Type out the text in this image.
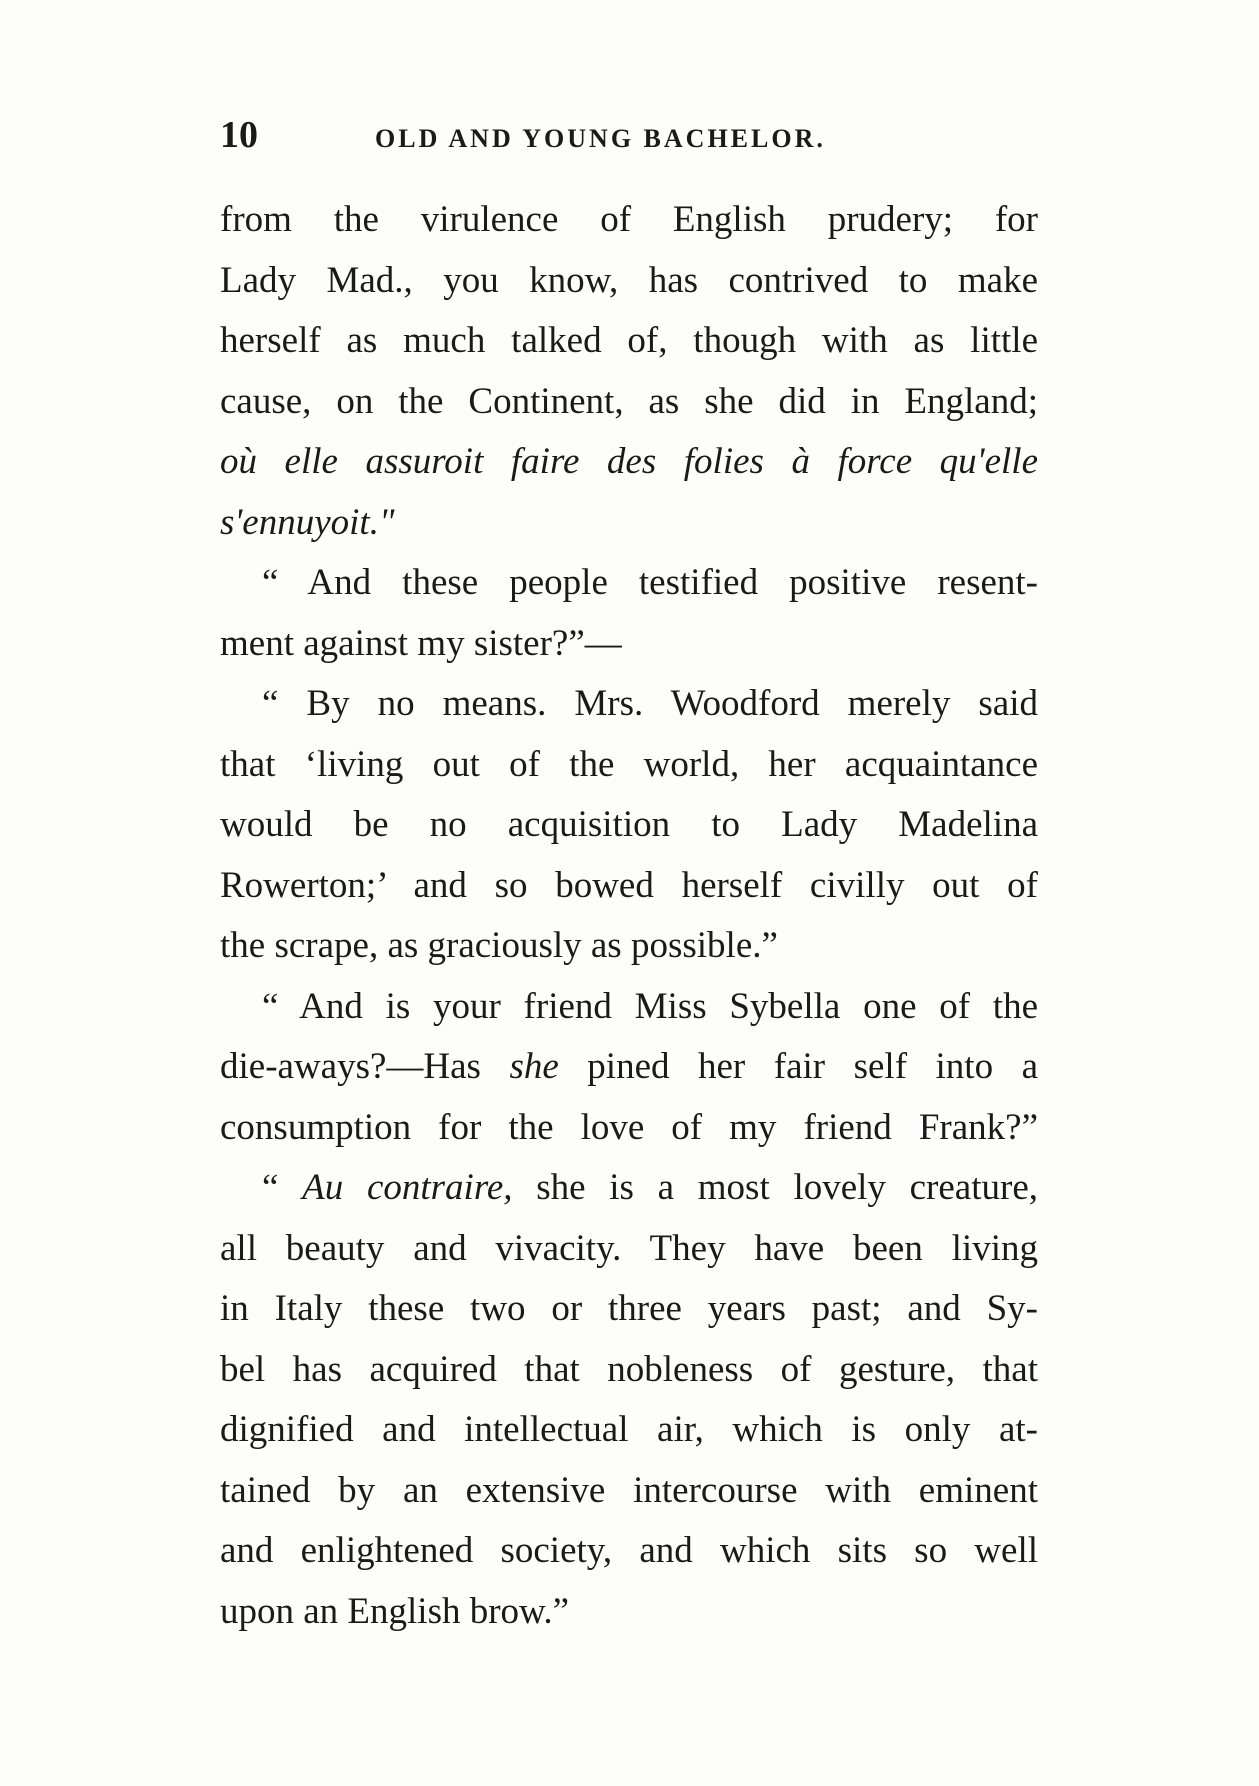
10	OLD AND YOUNG BACHELOR.
from the virulence of English prudery; for
Lady Mad., you know, has contrived to make
herself as much talked of, though with as little
cause, on the Continent, as she did in England;
où elle assuroit faire des folies à force qu'elle
s'ennuyoit."
“ And these people testified positive resent-
ment against my sister?”—
“ By no means. Mrs. Woodford merely said
that ‘living out of the world, her acquaintance
would be no acquisition to Lady Madelina
Rowerton;’ and so bowed herself civilly out of
the scrape, as graciously as possible.”
“ And is your friend Miss Sybella one of the
die-aways?—Has she pined her fair self into a
consumption for the love of my friend Frank?”
“ Au contraire, she is a most lovely creature,
all beauty and vivacity. They have been living
in Italy these two or three years past; and Sy-
bel has acquired that nobleness of gesture, that
dignified and intellectual air, which is only at-
tained by an extensive intercourse with eminent
and enlightened society, and which sits so well
upon an English brow.”
